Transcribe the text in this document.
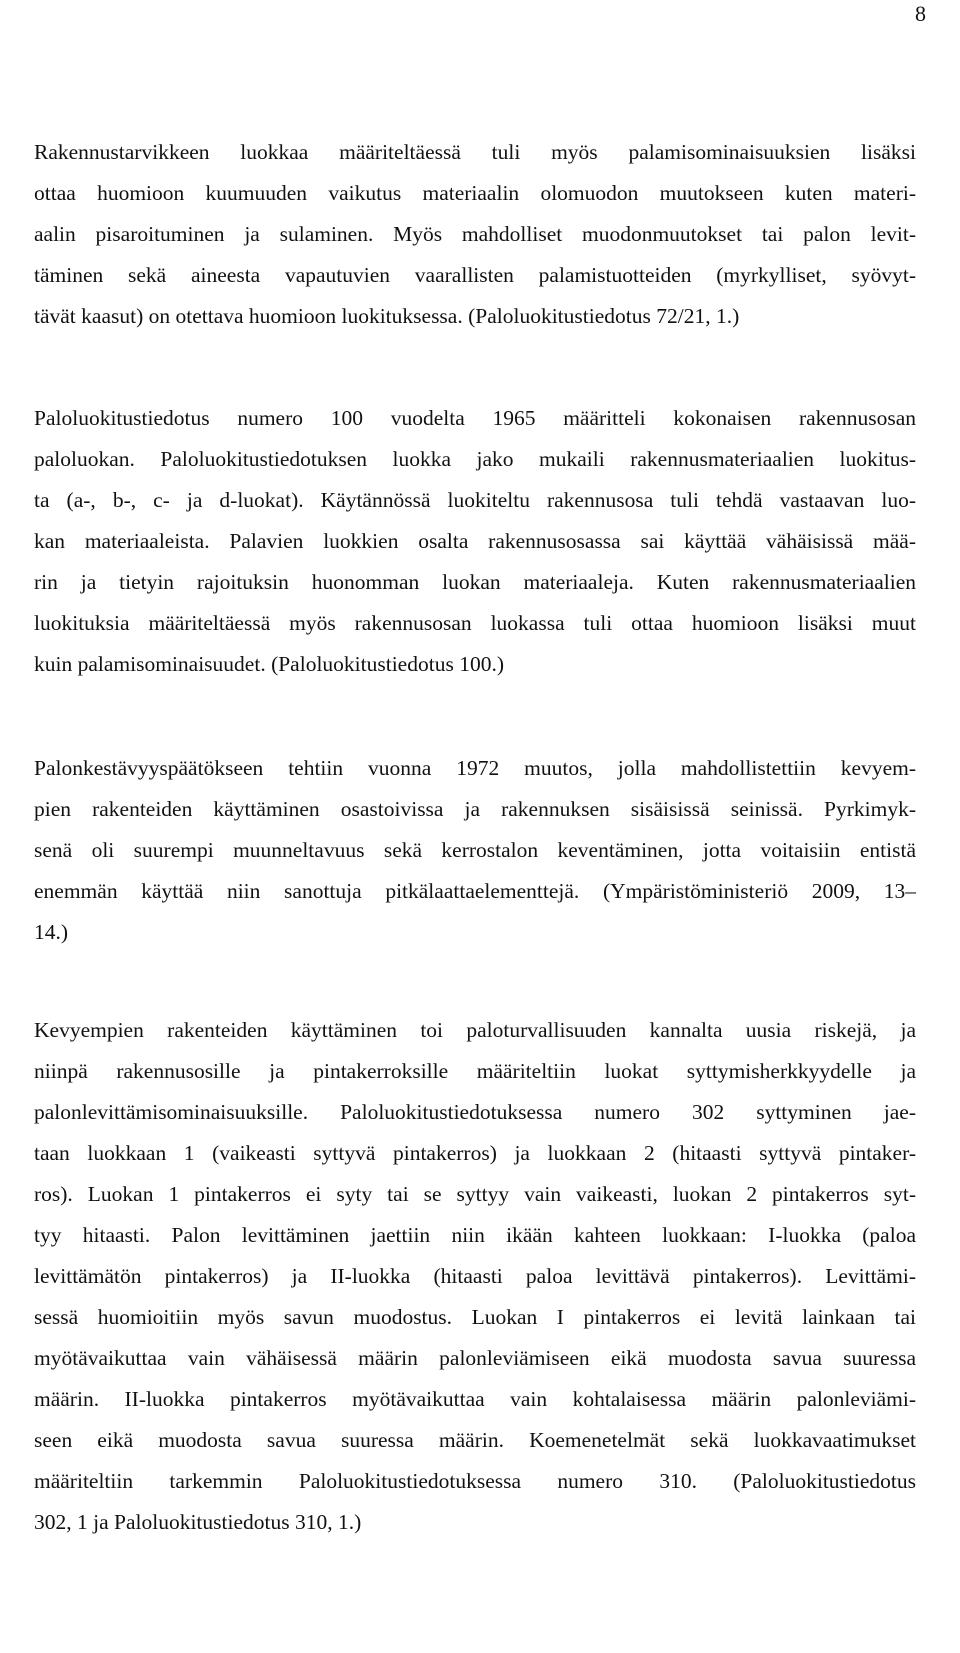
8
Rakennustarvikkeen luokkaa määriteltäessä tuli myös palamisominaisuuksien lisäksi
ottaa huomioon kuumuuden vaikutus materiaalin olomuodon muutokseen kuten materi-
aalin pisaroituminen ja sulaminen. Myös mahdolliset muodonmuutokset tai palon levit-
täminen sekä aineesta vapautuvien vaarallisten palamistuotteiden (myrkylliset, syövyt-
tävät kaasut) on otettava huomioon luokituksessa. (Paloluokitustiedotus 72/21, 1.)
Paloluokitustiedotus numero 100 vuodelta 1965 määritteli kokonaisen rakennusosan
paloluokan. Paloluokitustiedotuksen luokka jako mukaili rakennusmateriaalien luokitus-
ta (a-, b-, c- ja d-luokat). Käytännössä luokiteltu rakennusosa tuli tehdä vastaavan luo-
kan materiaaleista. Palavien luokkien osalta rakennusosassa sai käyttää vähäisissä mää-
rin ja tietyin rajoituksin huonomman luokan materiaaleja. Kuten rakennusmateriaalien
luokituksia määriteltäessä myös rakennusosan luokassa tuli ottaa huomioon lisäksi muut
kuin palamisominaisuudet. (Paloluokitustiedotus 100.)
Palonkestävyyspäätökseen tehtiin vuonna 1972 muutos, jolla mahdollistettiin kevyem-
pien rakenteiden käyttäminen osastoivissa ja rakennuksen sisäisissä seinissä. Pyrkimyk-
senä oli suurempi muunneltavuus sekä kerrostalon keventäminen, jotta voitaisiin entistä
enemmän käyttää niin sanottuja pitkälaattaelementtejä. (Ympäristöministeriö 2009, 13–
14.)
Kevyempien rakenteiden käyttäminen toi paloturvallisuuden kannalta uusia riskejä, ja
niinpä rakennusosille ja pintakerroksille määriteltiin luokat syttymisherkkyydelle ja
palonlevittämisominaisuuksille. Paloluokitustiedotuksessa numero 302 syttyminen jae-
taan luokkaan 1 (vaikeasti syttyvä pintakerros) ja luokkaan 2 (hitaasti syttyvä pintaker-
ros). Luokan 1 pintakerros ei syty tai se syttyy vain vaikeasti, luokan 2 pintakerros syt-
tyy hitaasti. Palon levittäminen jaettiin niin ikään kahteen luokkaan: I-luokka (paloa
levittämätön pintakerros) ja II-luokka (hitaasti paloa levittävä pintakerros). Levittämi-
sessä huomioitiin myös savun muodostus. Luokan I pintakerros ei levitä lainkaan tai
myötävaikuttaa vain vähäisessä määrin palonleviämiseen eikä muodosta savua suuressa
määrin. II-luokka pintakerros myötävaikuttaa vain kohtalaisessa määrin palonleviämi-
seen eikä muodosta savua suuressa määrin. Koemenetelmät sekä luokkavaatimukset
määriteltiin tarkemmin Paloluokitustiedotuksessa numero 310. (Paloluokitustiedotus
302, 1 ja Paloluokitustiedotus 310, 1.)
